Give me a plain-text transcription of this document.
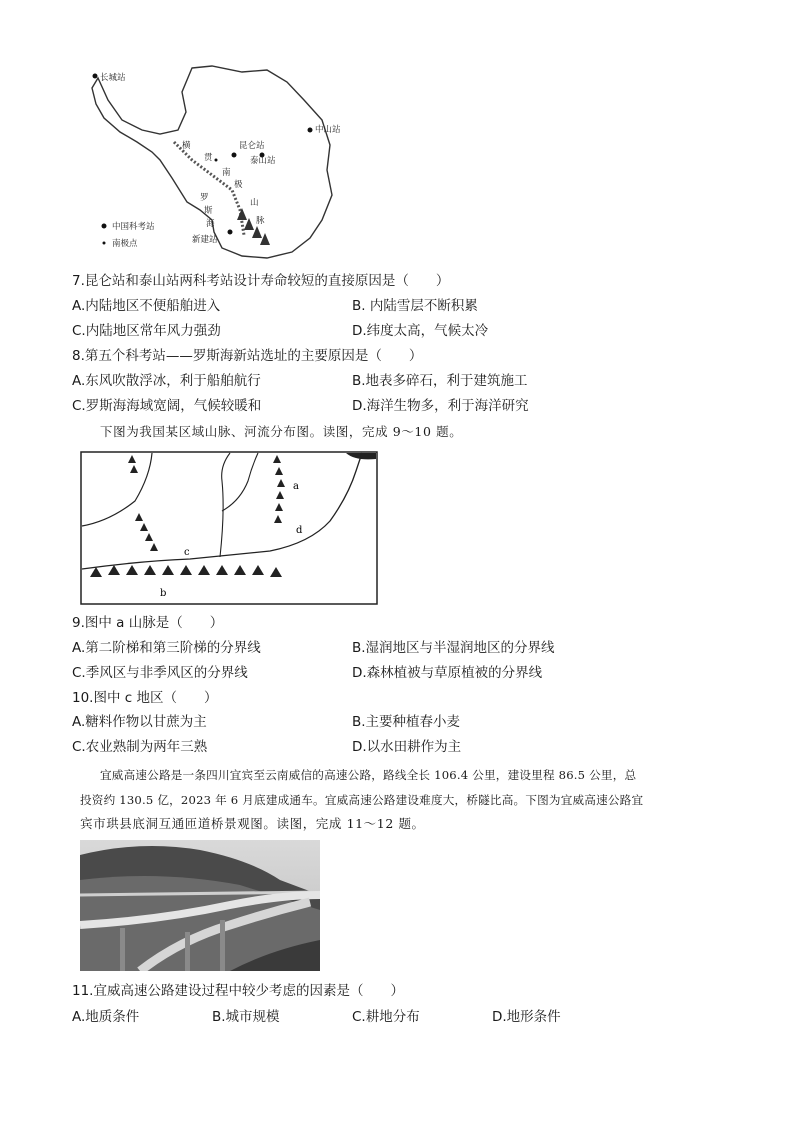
长城站
昆仑站
中山站
泰山站
新建站
横
贯
南
极
山
脉
罗
斯
海
中国科考站
南极点
7.昆仑站和泰山站两科考站设计寿命较短的直接原因是（　　）
A.内陆地区不便船舶进入	B. 内陆雪层不断积累
C.内陆地区常年风力强劲	D.纬度太高，气候太冷
8.第五个科考站——罗斯海新站选址的主要原因是（　　）
A.东风吹散浮冰，利于船舶航行	B.地表多碎石，利于建筑施工
C.罗斯海海域宽阔，气候较暖和	D.海洋生物多，利于海洋研究
下图为我国某区域山脉、河流分布图。读图，完成 9～10 题。
a
b
c
d
9.图中 a 山脉是（　　）
A.第二阶梯和第三阶梯的分界线	B.湿润地区与半湿润地区的分界线
C.季风区与非季风区的分界线	D.森林植被与草原植被的分界线
10.图中 c 地区（　　）
A.糖料作物以甘蔗为主	B.主要种植春小麦
C.农业熟制为两年三熟	D.以水田耕作为主
宜威高速公路是一条四川宜宾至云南威信的高速公路，路线全长 106.4 公里，建设里程 86.5 公里，总
投资约 130.5 亿，2023 年 6 月底建成通车。宜威高速公路建设难度大，桥隧比高。下图为宜威高速公路宜
宾市珙县底洞互通匝道桥景观图。读图，完成 11～12 题。
11.宜威高速公路建设过程中较少考虑的因素是（　　）
A.地质条件	B.城市规模	C.耕地分布	D.地形条件
